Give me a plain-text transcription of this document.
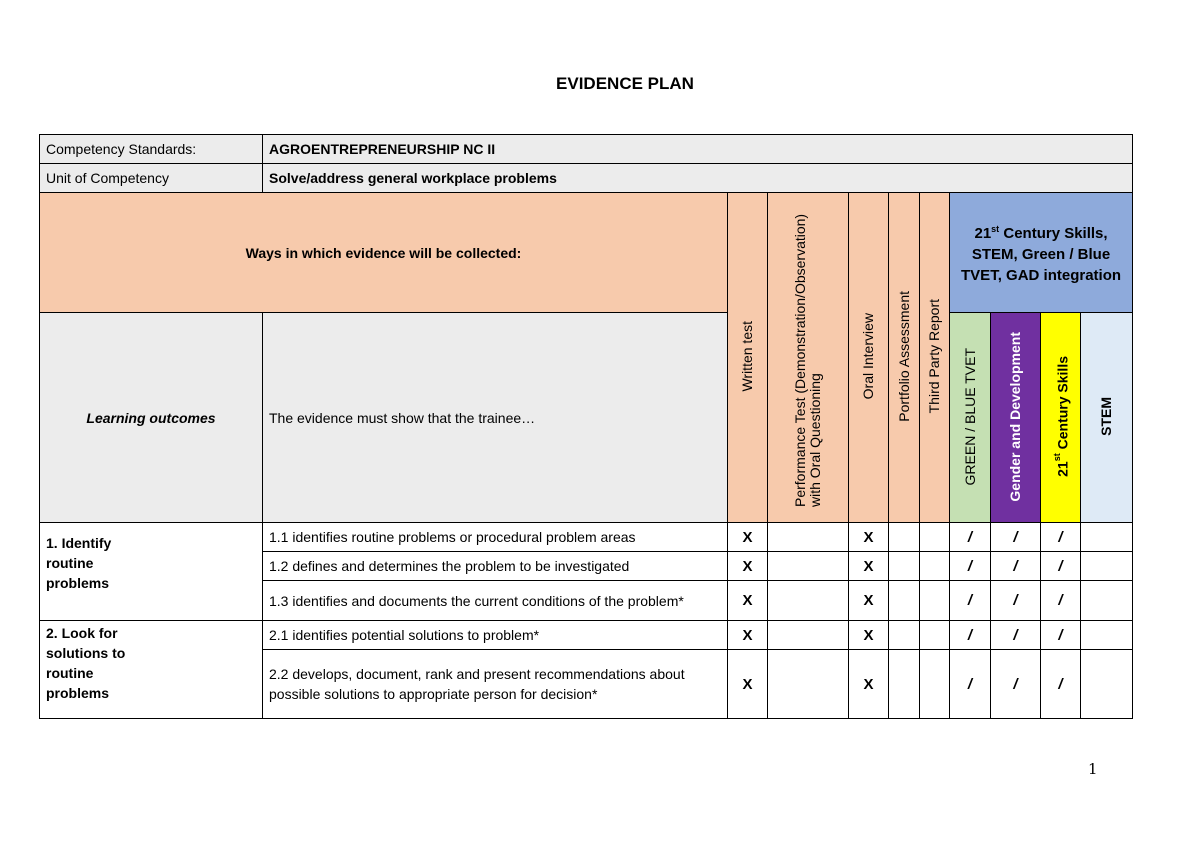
EVIDENCE PLAN
Competency Standards:	AGROENTREPRENEURSHIP NC II									
Unit of Competency	Solve/address general workplace problems									
Ways in which evidence will be collected:		Written test	Performance Test (Demonstration/Observation) with Oral Questioning	Oral Interview	Portfolio Assessment	Third Party Report	21st Century Skills, STEM, Green / Blue TVET, GAD integration			
Learning outcomes	The evidence must show that the trainee…						GREEN / BLUE TVET	Gender and Development	21st Century Skills	STEM

1. Identify routine problems	1.1 identifies routine problems or procedural problem areas	X		X			/	/	/	
	1.2 defines and determines the problem to be investigated	X		X			/	/	/	
	1.3 identifies and documents the current conditions of the problem*	X		X			/	/	/	
2. Look for solutions to routine problems	2.1 identifies potential solutions to problem*	X		X			/	/	/	
	2.2 develops, document, rank and present recommendations about possible solutions to appropriate person for decision*	X		X			/	/	/	
1
